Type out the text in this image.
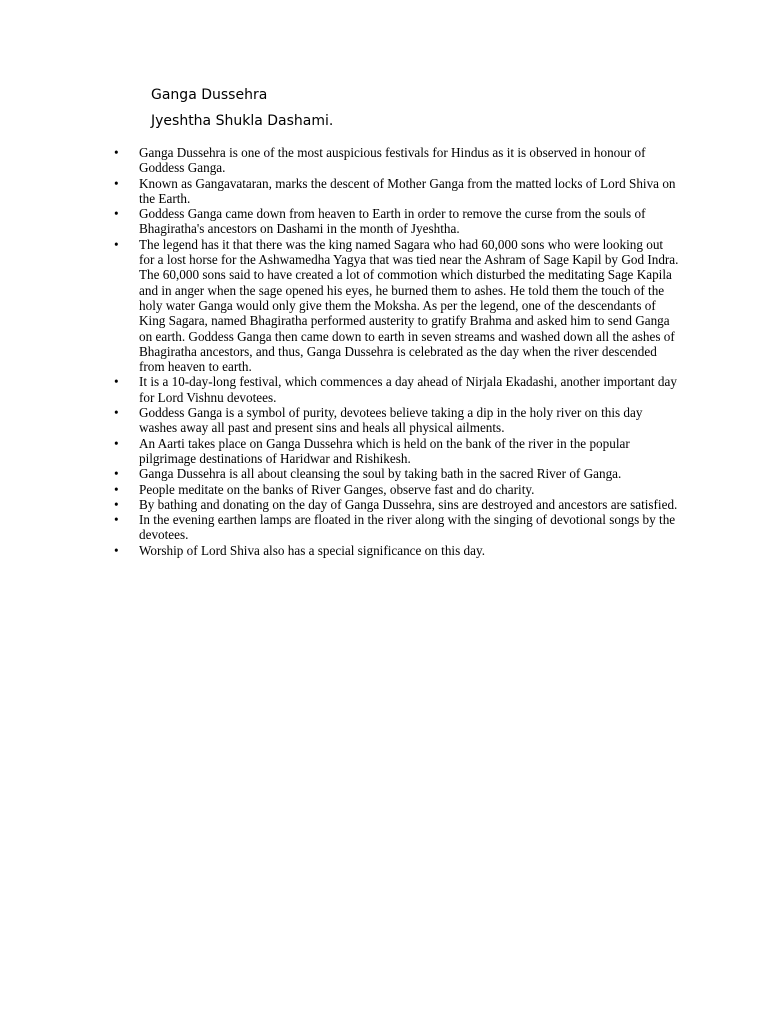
Ganga Dussehra
Jyeshtha Shukla Dashami.
• Ganga Dussehra is one of the most auspicious festivals for Hindus as it is observed in honour of Goddess Ganga.
• Known as Gangavataran, marks the descent of Mother Ganga from the matted locks of Lord Shiva on the Earth.
• Goddess Ganga came down from heaven to Earth in order to remove the curse from the souls of Bhagiratha's ancestors on Dashami in the month of Jyeshtha.
• The legend has it that there was the king named Sagara who had 60,000 sons who were looking out for a lost horse for the Ashwamedha Yagya that was tied near the Ashram of Sage Kapil by God Indra. The 60,000 sons said to have created a lot of commotion which disturbed the meditating Sage Kapila and in anger when the sage opened his eyes, he burned them to ashes. He told them the touch of the holy water Ganga would only give them the Moksha. As per the legend, one of the descendants of King Sagara, named Bhagiratha performed austerity to gratify Brahma and asked him to send Ganga on earth. Goddess Ganga then came down to earth in seven streams and washed down all the ashes of Bhagiratha ancestors, and thus, Ganga Dussehra is celebrated as the day when the river descended from heaven to earth.
• It is a 10-day-long festival, which commences a day ahead of Nirjala Ekadashi, another important day for Lord Vishnu devotees.
• Goddess Ganga is a symbol of purity, devotees believe taking a dip in the holy river on this day washes away all past and present sins and heals all physical ailments.
• An Aarti takes place on Ganga Dussehra which is held on the bank of the river in the popular pilgrimage destinations of Haridwar and Rishikesh.
• Ganga Dussehra is all about cleansing the soul by taking bath in the sacred River of Ganga.
• People meditate on the banks of River Ganges, observe fast and do charity.
• By bathing and donating on the day of Ganga Dussehra, sins are destroyed and ancestors are satisfied.
• In the evening earthen lamps are floated in the river along with the singing of devotional songs by the devotees.
• Worship of Lord Shiva also has a special significance on this day.
